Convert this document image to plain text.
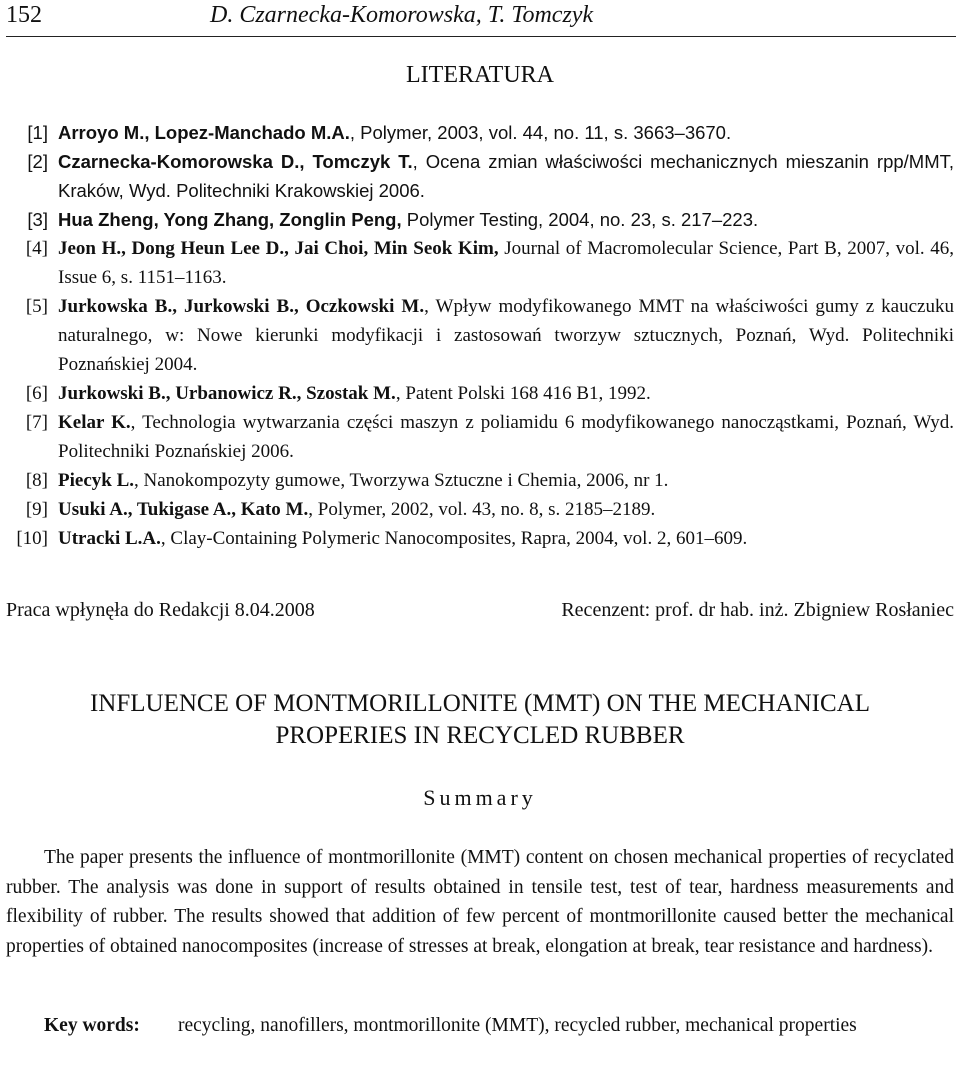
152	D. Czarnecka-Komorowska, T. Tomczyk
LITERATURA
[1] Arroyo M., Lopez-Manchado M.A., Polymer, 2003, vol. 44, no. 11, s. 3663–3670.
[2] Czarnecka-Komorowska D., Tomczyk T., Ocena zmian właściwości mechanicznych mieszanin rpp/MMT, Kraków, Wyd. Politechniki Krakowskiej 2006.
[3] Hua Zheng, Yong Zhang, Zonglin Peng, Polymer Testing, 2004, no. 23, s. 217–223.
[4] Jeon H., Dong Heun Lee D., Jai Choi, Min Seok Kim, Journal of Macromolecular Science, Part B, 2007, vol. 46, Issue 6, s. 1151–1163.
[5] Jurkowska B., Jurkowski B., Oczkowski M., Wpływ modyfikowanego MMT na właściwości gumy z kauczuku naturalnego, w: Nowe kierunki modyfikacji i zastosowań tworzyw sztucznych, Poznań, Wyd. Politechniki Poznańskiej 2004.
[6] Jurkowski B., Urbanowicz R., Szostak M., Patent Polski 168 416 B1, 1992.
[7] Kelar K., Technologia wytwarzania części maszyn z poliamidu 6 modyfikowanego nanocząstkami, Poznań, Wyd. Politechniki Poznańskiej 2006.
[8] Piecyk L., Nanokompozyty gumowe, Tworzywa Sztuczne i Chemia, 2006, nr 1.
[9] Usuki A., Tukigase A., Kato M., Polymer, 2002, vol. 43, no. 8, s. 2185–2189.
[10] Utracki L.A., Clay-Containing Polymeric Nanocomposites, Rapra, 2004, vol. 2, 601–609.
Praca wpłynęła do Redakcji 8.04.2008	Recenzent: prof. dr hab. inż. Zbigniew Rosłaniec
INFLUENCE OF MONTMORILLONITE (MMT) ON THE MECHANICAL
PROPERIES IN RECYCLED RUBBER
Summary
The paper presents the influence of montmorillonite (MMT) content on chosen mechanical properties of recyclated rubber. The analysis was done in support of results obtained in tensile test, test of tear, hardness measurements and flexibility of rubber. The results showed that addition of few percent of montmorillonite caused better the mechanical properties of obtained nanocomposites (increase of stresses at break, elongation at break, tear resistance and hardness).
Key words: recycling, nanofillers, montmorillonite (MMT), recycled rubber, mechanical properties
